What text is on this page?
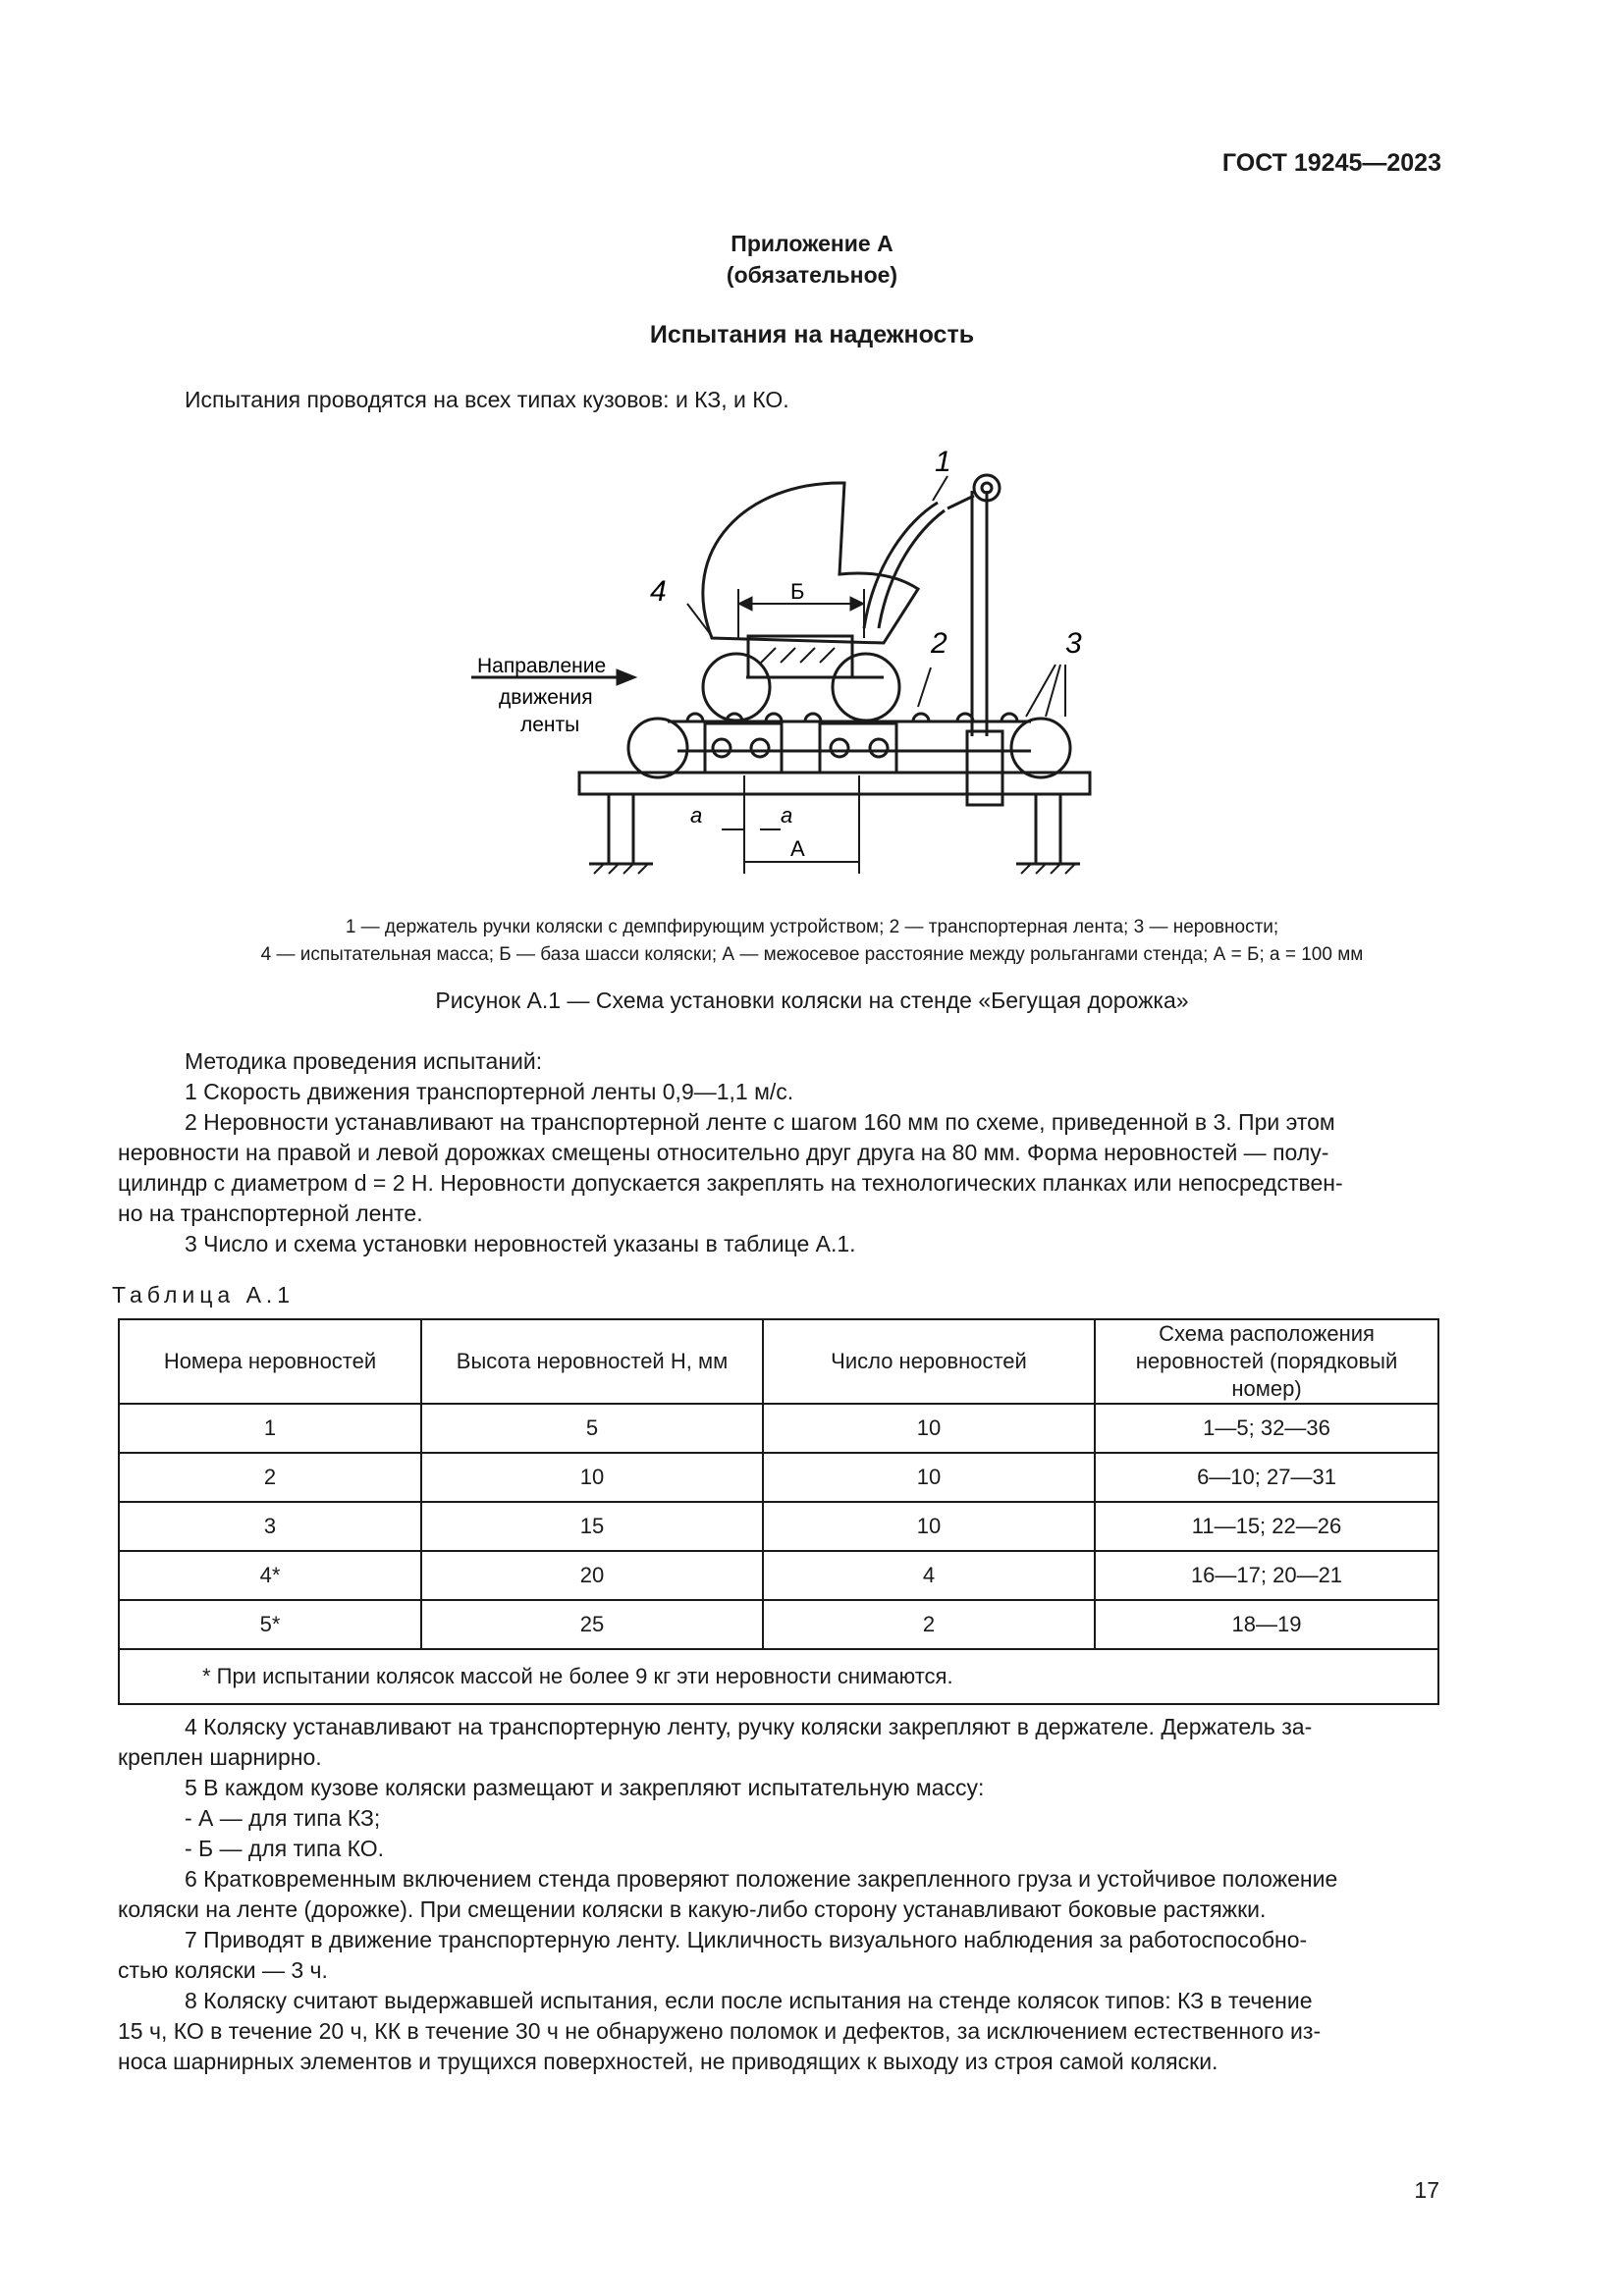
ГОСТ 19245—2023
Приложение А
(обязательное)
Испытания на надежность
Испытания проводятся на всех типах кузовов: и КЗ, и КО.
1
2	3
4
Направление
движения
ленты
Б
a	a
А
1 — держатель ручки коляски с демпфирующим устройством; 2 — транспортерная лента; 3 — неровности;
4 — испытательная масса; Б — база шасси коляски; А — межосевое расстояние между рольгангами стенда; А = Б; а = 100 мм
Рисунок А.1 — Схема установки коляски на стенде «Бегущая дорожка»
Методика проведения испытаний:
1 Скорость движения транспортерной ленты 0,9—1,1 м/с.
2 Неровности устанавливают на транспортерной ленте с шагом 160 мм по схеме, приведенной в 3. При этом
неровности на правой и левой дорожках смещены относительно друг друга на 80 мм. Форма неровностей — полу-
цилиндр с диаметром d = 2 H. Неровности допускается закреплять на технологических планках или непосредствен-
но на транспортерной ленте.
3 Число и схема установки неровностей указаны в таблице А.1.
Таблица А.1
Номера неровностей	Высота неровностей H, мм	Число неровностей	Схема расположения неровностей (порядковый номер)
1	5	10	1—5; 32—36
2	10	10	6—10; 27—31
3	15	10	11—15; 22—26
4*	20	4	16—17; 20—21
5*	25	2	18—19
* При испытании колясок массой не более 9 кг эти неровности снимаются.			
4 Коляску устанавливают на транспортерную ленту, ручку коляски закрепляют в держателе. Держатель за-
креплен шарнирно.
5 В каждом кузове коляски размещают и закрепляют испытательную массу:
- А — для типа КЗ;
- Б — для типа КО.
6 Кратковременным включением стенда проверяют положение закрепленного груза и устойчивое положение
коляски на ленте (дорожке). При смещении коляски в какую-либо сторону устанавливают боковые растяжки.
7 Приводят в движение транспортерную ленту. Цикличность визуального наблюдения за работоспособно-
стью коляски — 3 ч.
8 Коляску считают выдержавшей испытания, если после испытания на стенде колясок типов: КЗ в течение
15 ч, КО в течение 20 ч, КК в течение 30 ч не обнаружено поломок и дефектов, за исключением естественного из-
носа шарнирных элементов и трущихся поверхностей, не приводящих к выходу из строя самой коляски.
17
